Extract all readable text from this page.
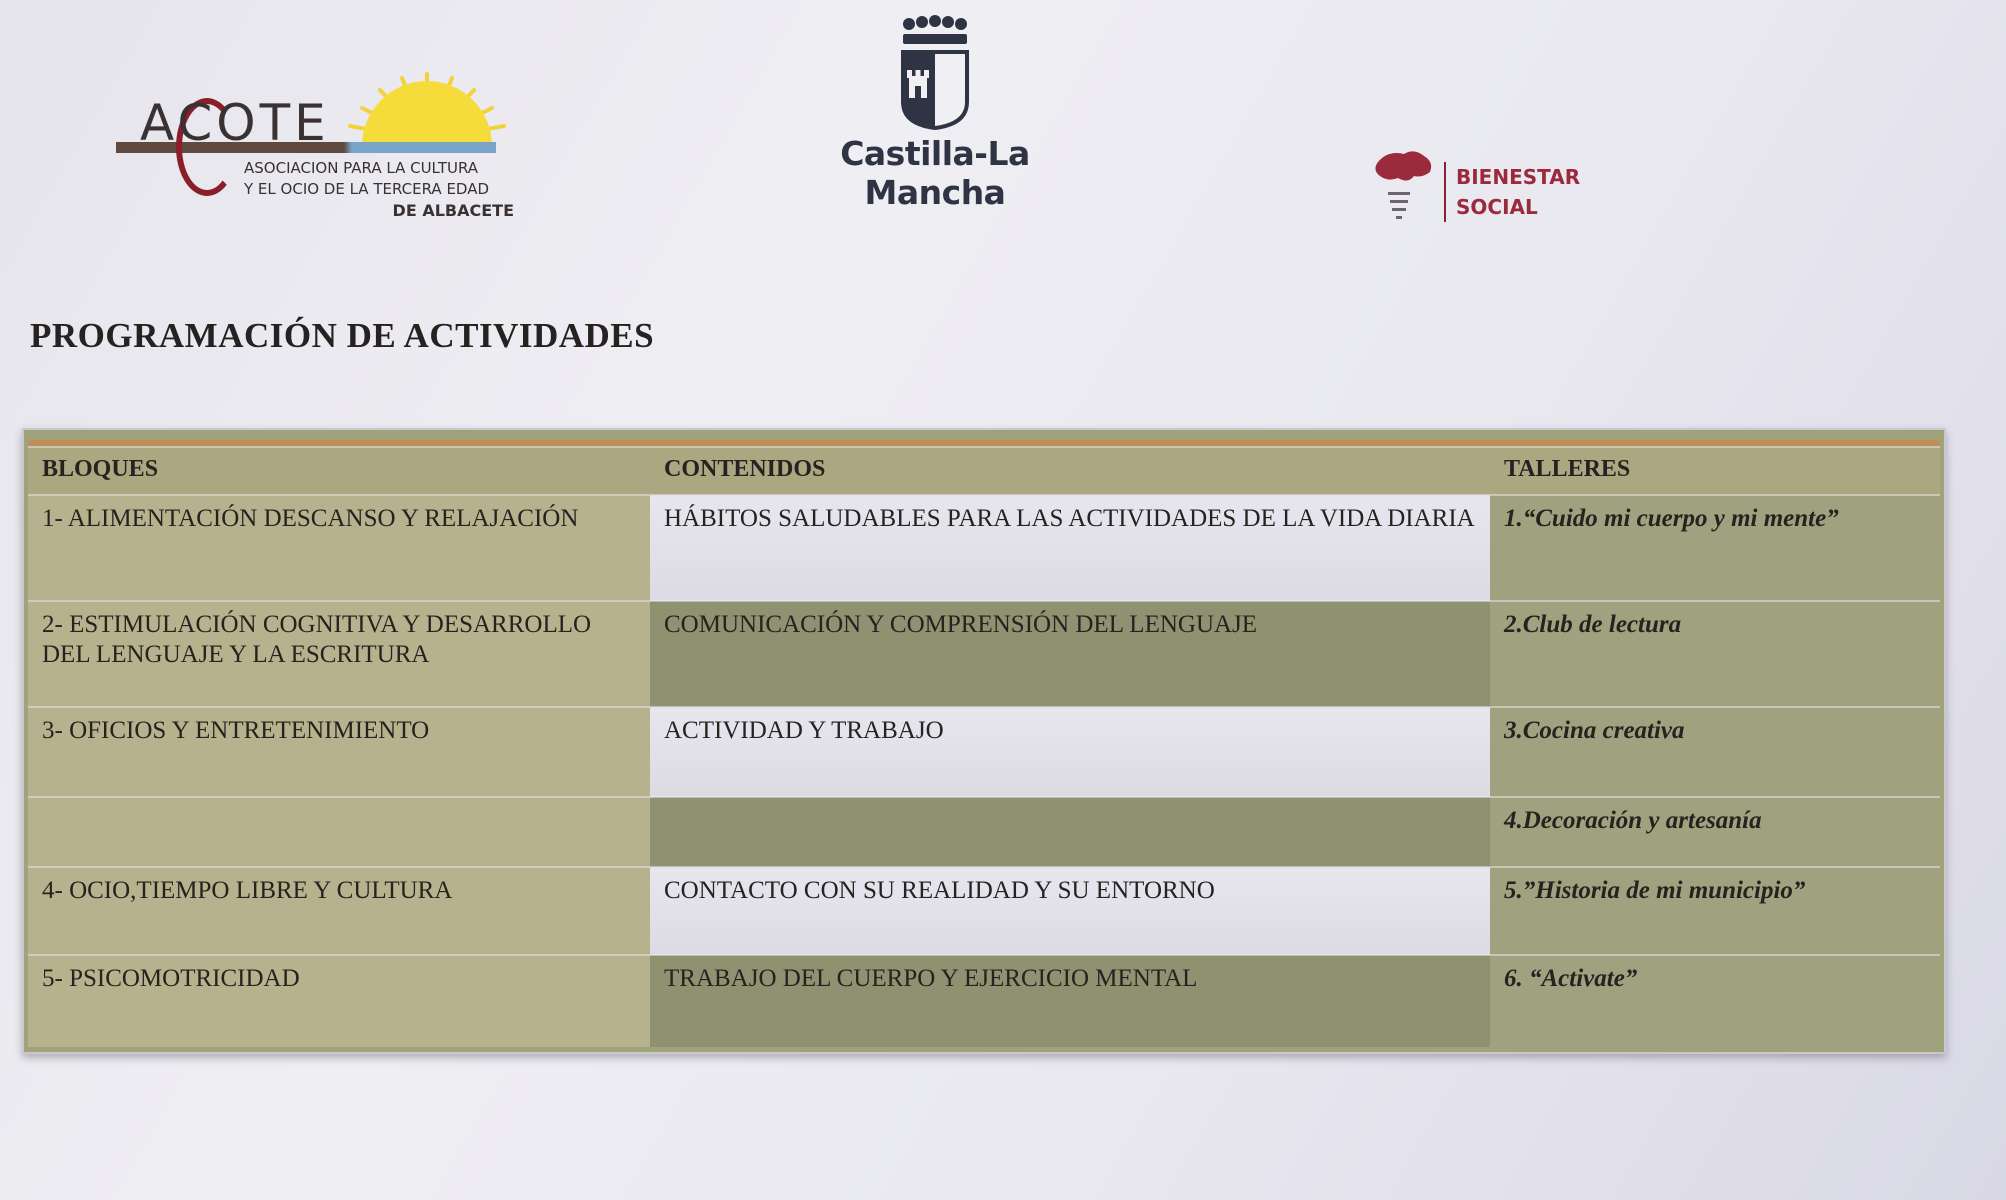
ACOTE
ASOCIACION PARA LA CULTURA
Y EL OCIO DE LA TERCERA EDAD
DE ALBACETE
Castilla-La Mancha	BIENESTAR
SOCIAL
PROGRAMACIÓN DE ACTIVIDADES
BLOQUES	CONTENIDOS	TALLERES
1- ALIMENTACIÓN DESCANSO Y RELAJACIÓN	HÁBITOS SALUDABLES PARA LAS ACTIVIDADES DE LA VIDA DIARIA	1.“Cuido mi cuerpo y mi mente”
2- ESTIMULACIÓN COGNITIVA Y DESARROLLO DEL LENGUAJE Y LA ESCRITURA	COMUNICACIÓN Y COMPRENSIÓN DEL LENGUAJE	2.Club de lectura
3- OFICIOS Y ENTRETENIMIENTO	ACTIVIDAD Y TRABAJO	3.Cocina creativa
		4.Decoración y artesanía
4- OCIO,TIEMPO LIBRE Y CULTURA	CONTACTO CON SU REALIDAD Y SU ENTORNO	5.”Historia de mi municipio”
5- PSICOMOTRICIDAD	TRABAJO DEL CUERPO Y EJERCICIO MENTAL	6. “Activate”
